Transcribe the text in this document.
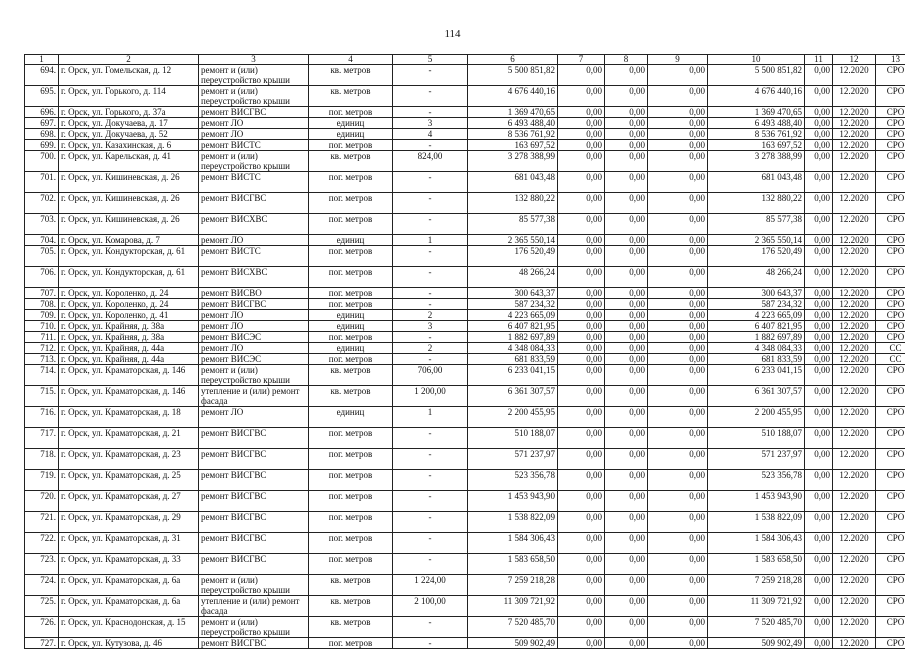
114
1	2	3	4	5	6	7	8	9	10	11	12	13
694.	г. Орск, ул. Гомельская, д. 12	ремонт и (или) переустройство крыши	кв. метров	-	5 500 851,82	0,00	0,00	0,00	5 500 851,82	0,00	12.2020	СРО
695.	г. Орск, ул. Горького, д. 114	ремонт и (или) переустройство крыши	кв. метров	-	4 676 440,16	0,00	0,00	0,00	4 676 440,16	0,00	12.2020	СРО
696.	г. Орск, ул. Горького, д. 37а	ремонт ВИСГВС	пог. метров	-	1 369 470,65	0,00	0,00	0,00	1 369 470,65	0,00	12.2020	СРО
697.	г. Орск, ул. Докучаева, д. 17	ремонт ЛО	единиц	3	6 493 488,40	0,00	0,00	0,00	6 493 488,40	0,00	12.2020	СРО
698.	г. Орск, ул. Докучаева, д. 52	ремонт ЛО	единиц	4	8 536 761,92	0,00	0,00	0,00	8 536 761,92	0,00	12.2020	СРО
699.	г. Орск, ул. Казахинская, д. 6	ремонт ВИСТС	пог. метров	-	163 697,52	0,00	0,00	0,00	163 697,52	0,00	12.2020	СРО
700.	г. Орск, ул. Карельская, д. 41	ремонт и (или) переустройство крыши	кв. метров	824,00	3 278 388,99	0,00	0,00	0,00	3 278 388,99	0,00	12.2020	СРО
701.	г. Орск, ул. Кишиневская, д. 26	ремонт ВИСТС	пог. метров	-	681 043,48	0,00	0,00	0,00	681 043,48	0,00	12.2020	СРО
702.	г. Орск, ул. Кишиневская, д. 26	ремонт ВИСГВС	пог. метров	-	132 880,22	0,00	0,00	0,00	132 880,22	0,00	12.2020	СРО
703.	г. Орск, ул. Кишиневская, д. 26	ремонт ВИСХВС	пог. метров	-	85 577,38	0,00	0,00	0,00	85 577,38	0,00	12.2020	СРО
704.	г. Орск, ул. Комарова, д. 7	ремонт ЛО	единиц	1	2 365 550,14	0,00	0,00	0,00	2 365 550,14	0,00	12.2020	СРО
705.	г. Орск, ул. Кондукторская, д. 61	ремонт ВИСТС	пог. метров	-	176 520,49	0,00	0,00	0,00	176 520,49	0,00	12.2020	СРО
706.	г. Орск, ул. Кондукторская, д. 61	ремонт ВИСХВС	пог. метров	-	48 266,24	0,00	0,00	0,00	48 266,24	0,00	12.2020	СРО
707.	г. Орск, ул. Короленко, д. 24	ремонт ВИСВО	пог. метров	-	300 643,37	0,00	0,00	0,00	300 643,37	0,00	12.2020	СРО
708.	г. Орск, ул. Короленко, д. 24	ремонт ВИСГВС	пог. метров	-	587 234,32	0,00	0,00	0,00	587 234,32	0,00	12.2020	СРО
709.	г. Орск, ул. Короленко, д. 41	ремонт ЛО	единиц	2	4 223 665,09	0,00	0,00	0,00	4 223 665,09	0,00	12.2020	СРО
710.	г. Орск, ул. Крайняя, д. 38а	ремонт ЛО	единиц	3	6 407 821,95	0,00	0,00	0,00	6 407 821,95	0,00	12.2020	СРО
711.	г. Орск, ул. Крайняя, д. 38а	ремонт ВИСЭС	пог. метров	-	1 882 697,89	0,00	0,00	0,00	1 882 697,89	0,00	12.2020	СРО
712.	г. Орск, ул. Крайняя, д. 44а	ремонт ЛО	единиц	2	4 348 084,33	0,00	0,00	0,00	4 348 084,33	0,00	12.2020	СС
713.	г. Орск, ул. Крайняя, д. 44а	ремонт ВИСЭС	пог. метров	-	681 833,59	0,00	0,00	0,00	681 833,59	0,00	12.2020	СС
714.	г. Орск, ул. Краматорская, д. 146	ремонт и (или) переустройство крыши	кв. метров	706,00	6 233 041,15	0,00	0,00	0,00	6 233 041,15	0,00	12.2020	СРО
715.	г. Орск, ул. Краматорская, д. 146	утепление и (или) ремонт фасада	кв. метров	1 200,00	6 361 307,57	0,00	0,00	0,00	6 361 307,57	0,00	12.2020	СРО
716.	г. Орск, ул. Краматорская, д. 18	ремонт ЛО	единиц	1	2 200 455,95	0,00	0,00	0,00	2 200 455,95	0,00	12.2020	СРО
717.	г. Орск, ул. Краматорская, д. 21	ремонт ВИСГВС	пог. метров	-	510 188,07	0,00	0,00	0,00	510 188,07	0,00	12.2020	СРО
718.	г. Орск, ул. Краматорская, д. 23	ремонт ВИСГВС	пог. метров	-	571 237,97	0,00	0,00	0,00	571 237,97	0,00	12.2020	СРО
719.	г. Орск, ул. Краматорская, д. 25	ремонт ВИСГВС	пог. метров	-	523 356,78	0,00	0,00	0,00	523 356,78	0,00	12.2020	СРО
720.	г. Орск, ул. Краматорская, д. 27	ремонт ВИСГВС	пог. метров	-	1 453 943,90	0,00	0,00	0,00	1 453 943,90	0,00	12.2020	СРО
721.	г. Орск, ул. Краматорская, д. 29	ремонт ВИСГВС	пог. метров	-	1 538 822,09	0,00	0,00	0,00	1 538 822,09	0,00	12.2020	СРО
722.	г. Орск, ул. Краматорская, д. 31	ремонт ВИСГВС	пог. метров	-	1 584 306,43	0,00	0,00	0,00	1 584 306,43	0,00	12.2020	СРО
723.	г. Орск, ул. Краматорская, д. 33	ремонт ВИСГВС	пог. метров	-	1 583 658,50	0,00	0,00	0,00	1 583 658,50	0,00	12.2020	СРО
724.	г. Орск, ул. Краматорская, д. 6а	ремонт и (или) переустройство крыши	кв. метров	1 224,00	7 259 218,28	0,00	0,00	0,00	7 259 218,28	0,00	12.2020	СРО
725.	г. Орск, ул. Краматорская, д. 6а	утепление и (или) ремонт фасада	кв. метров	2 100,00	11 309 721,92	0,00	0,00	0,00	11 309 721,92	0,00	12.2020	СРО
726.	г. Орск, ул. Краснодонская, д. 15	ремонт и (или) переустройство крыши	кв. метров	-	7 520 485,70	0,00	0,00	0,00	7 520 485,70	0,00	12.2020	СРО
727.	г. Орск, ул. Кутузова, д. 46	ремонт ВИСГВС	пог. метров	-	509 902,49	0,00	0,00	0,00	509 902,49	0,00	12.2020	СРО
